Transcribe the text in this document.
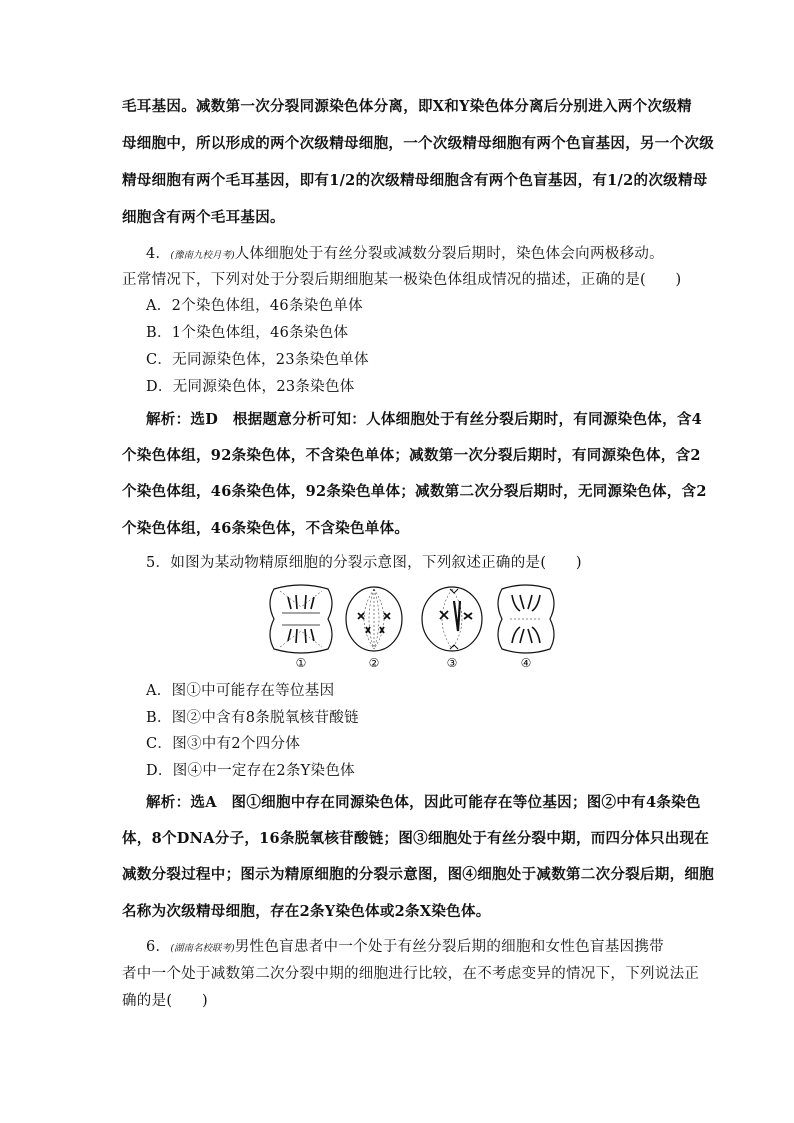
毛耳基因。减数第一次分裂同源染色体分离，即X和Y染色体分离后分别进入两个次级精
母细胞中，所以形成的两个次级精母细胞，一个次级精母细胞有两个色盲基因，另一个次级
精母细胞有两个毛耳基因，即有1/2的次级精母细胞含有两个色盲基因，有1/2的次级精母
细胞含有两个毛耳基因。
4．(豫南九校月考)人体细胞处于有丝分裂或减数分裂后期时，染色体会向两极移动。
正常情况下，下列对处于分裂后期细胞某一极染色体组成情况的描述，正确的是(　　)
A．2个染色体组，46条染色单体
B．1个染色体组，46条染色体
C．无同源染色体，23条染色单体
D．无同源染色体，23条染色体
解析：选D　根据题意分析可知：人体细胞处于有丝分裂后期时，有同源染色体，含4
个染色体组，92条染色体，不含染色单体；减数第一次分裂后期时，有同源染色体，含2
个染色体组，46条染色体，92条染色单体；减数第二次分裂后期时，无同源染色体，含2
个染色体组，46条染色体，不含染色单体。
5．如图为某动物精原细胞的分裂示意图，下列叙述正确的是(　　)
①	②	③	④
A．图①中可能存在等位基因
B．图②中含有8条脱氧核苷酸链
C．图③中有2个四分体
D．图④中一定存在2条Y染色体
解析：选A　图①细胞中存在同源染色体，因此可能存在等位基因；图②中有4条染色
体，8个DNA分子，16条脱氧核苷酸链；图③细胞处于有丝分裂中期，而四分体只出现在
减数分裂过程中；图示为精原细胞的分裂示意图，图④细胞处于减数第二次分裂后期，细胞
名称为次级精母细胞，存在2条Y染色体或2条X染色体。
6．(湖南名校联考)男性色盲患者中一个处于有丝分裂后期的细胞和女性色盲基因携带
者中一个处于减数第二次分裂中期的细胞进行比较，在不考虑变异的情况下，下列说法正
确的是(　　)
